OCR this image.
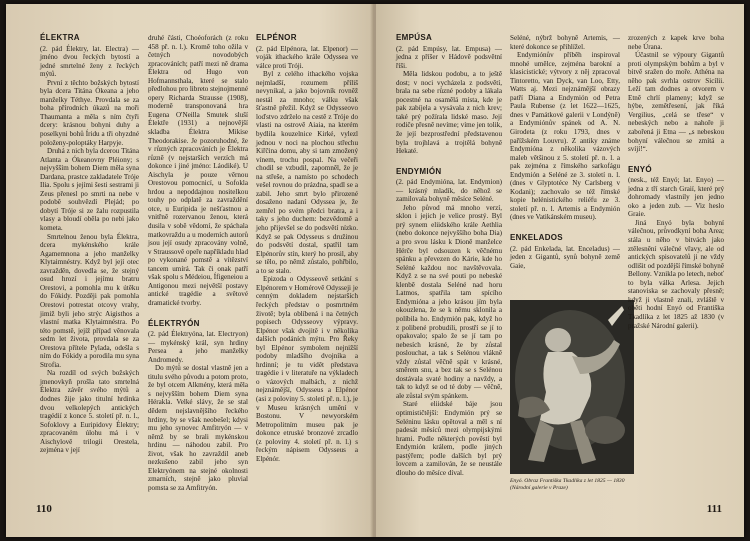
ÉLEKTRA

(2. pád Élektry, lat. Electra) — jméno dvou řeckých bytostí a jedné smrtelné ženy z řeckých mýtů.

První z těchto božských bytostí byla dcera Titána Ókeana a jeho manželky Téthye. Provdala se za boha přírodních úkazů na moři Thaumanta a měla s ním čtyři dcery: krásnou bohyni duhy a poselkyni bohů Íridu a tři ohyzdné položeny-poloptáky Harpyje.

Druhá z nich byla dcerou Titána Atlanta a Ókeanovny Pléiony; s nejvyšším bohem Diem měla syna Dardana, prastce zakladatele Tróje Ilia. Spolu s jejími šesti sestrami ji Zeus přenesl po smrti na nebe v podobě souhvězdí Plejád; po dobytí Tróje si ze žalu rozpustila vlasy a bloudí oběla po nebi jako kometa.

Smrtelnou ženou byla Élektra, dcera mykénského krále Agamemnona a jeho manželky Klytaimnéstry. Když byl její otec zavražděn, dovedla se, že stejný osud hrozí i jejímu bratru Orestovi, a pomohla mu k útěku do Fókidy. Později pak pomohla Orestovi potrestat otcovy vrahy, jimiž byli jeho strýc Aigisthos a vlastní matka Klytaimnéstra. Po této pomstě, jejíž případ věnovala sedm let života, provdala se za Orestova přítele Pylada, odešla s ním do Fókidy a porodila mu syna Strofia.

Na rozdíl od svých božských jmenovkyň prošla tato smrtelná Élektra závěr svého mýtů a dodnes žije jako titulní hrdinka dvou velkolepých antických tragédií z konce 5. století př. n. l., Sofoklovy a Euripidovy Élektry; zpracovaném úlohu má i v Aischylově trilogii Orestela, zejména v její

druhé části, Choéoforách (z roku 458 př. n. l.). Kromě toho ožila v četných novodobých zpracováních; patří mezi ně drama Élektra od Hugo von Hofmannsthala, které se stalo předlohou pro libreto stejnojmenné opery Richarda Strausse (1908), moderně transponovaná hra Eugena O'Neilla Smutek sluší Élektře (1931) a nejnovější skladba Élektra Mikise Theodorakise. Je pozoruhodné, že v různých zpracováních je Élektra různě (v nejstarších verzích má dokonce i jiné jméno: Láodiké). U Aischyla je pouze věrnou Orestovou pomocnicí, u Sofokla hrdou a nepoddajnou nositelkou touhy po odplatě za zavraždění otce, u Euripida je nešťastnou a vnitřně rozervanou ženou, která dusila v sobě vědomí, že spáchala matkovraždu a u moderních autorů jsou její osudy zpracovány volně, v Straussově opeře napříkladu hlad po vykonané pomstě a vítězství tancem umírá. Tak či onak patří však spolu s Médeiou, Ífigeneiou a Antigonou mezi největší postavy antické tragédie a světové dramatické tvorby.

ÉLEKTRYÓN

(2. pád Élektryóna, lat. Electryon) — mykénský král, syn hrdiny Persea a jeho manželky Andromedy.

Do mýtů se dostal vlastně jen a titulu svého původu a potom proto, že byl otcem Alkmény, která měla s nejvyšším bohem Diem syna Hérakla. Velké slávy, že se stal dědem nejslavnějšího řeckého hrdiny, by se však neobešel; kdysi mu jeho synovec Amfitryón — v němž by se brali mykénskou hrdinu — náhodou zabil. Pro život, však ho zavraždil aneb nezkušeno zabil jeho syn Elektryónem na stejné okolnosti zmarních, stejně jako pluvial pomsta se za Amfitryón.

ELPÉNOR

(2. pád Elpénora, lat. Elpenor) — voják ithackého krále Odyssea ve válce proti Tróji.

Byl z celého ithackého vojska nejmladší, rozumem příliš nevynikal, a jako bojovník rovněž nestál za mnoho; válku však šťastně přežil. Když se Odysseovo loďstvo zdrželo na cestě z Tróje do vlasti na ostrově Aiaia, na kterém bydlila kouzelnice Kirké, vylezl jednou v noci na plochou střechu Kiřčina domu, aby si tam zmožený vínem, trochu pospal. Na večeři chodil se vzbudil, zapomněl, že je na střeše, a namísto po schodech vešel rovnou do prázdna, spadl se a zabil. Jeho smrt bylo přirozené dosaženo nadaní Odyssea je, že zemřel po svém předci bratra, a i taky s jeho duchem: bezvědomě a jeho přijevšel se do podsvětí nízko. Když se pak Odysseus s družinou do podsvětí dostal, spatřil tam Elpénorův stín, který ho prosil, aby se tělo, po němž zůstalo, pohřbilo, a to se stalo.

Epizoda o Odysseově setkání s Elpénorem v Homérově Odysseji je cenným dokladem nejstarších řeckých představ o posmrtném životě; byla oblíbená i na četných popisech Odysseovy výpravy. Elpénor však dvojitě i v několika dalších podáních mýtu. Pro Řeky byl Elpénor symbolem nejnižší podoby mladšího dvojníka a hrdinní; je tu vidět představa tragédie i v literatuře na výkladech o vázových malbách, z nichž nejznámější, Odysseus a Elpénor (asi z poloviny 5. století př. n. l.), je v Museu krásných umění v Bostonu. V newyorském Metropolitním museu pak je dokonce etruské bronzové zrcadlo (z poloviny 4. století př. n. l.) s řeckým nápisem Odysseus a Elpénór.

110
EMPÚSA

(2. pád Empúsy, lat. Empusa) — jedna z příšer v Hádově podsvětní říši.

Měla lidskou podobu, a to ještě dost; v noci vycházela z podsvětí, brala na sebe různé podoby a lákala pocestné na osamělá místa, kde je pak zabíjela a vysávala z nich krev; také prý požírala lidské maso. Její rodiče přesně nevíme; víme jen tolik, že její bezprostřední představenou byla trojhlavá a trojtělá bohyně Hekaté.

ENDYMIÓN

(2. pád Endymióna, lat. Endymion) — krásný mladík, do něhož se zamilovala bohyně měsíce Seléné.

Jeho původ má mnoho verzí, sklon i jejich je velice prostý. Byl prý synem eliidského krále Aethlia (nebo dokonce nejvyššího boha Dia) a pro svou lásku k Dioně manželce Hérče byl odsouzen k věčnému spánku a převezen do Kárie, kde ho Seléné každou noc navštěvovala. Když z se na své pouti po nebeské klenbě dostala Seléné nad horu Latmos, spatřila tam spícího Endymióna a jeho krásou jím byla okouzlena, že se k němu sklonila a políbila ho. Endymión pak, když ho z polibené probudili, prostří se jí to opakovalo; spalo že se jí tam po nebesích krásné, že by zůstal poslouchat, a tak s Selénou vlákně vždy zůstal věčně spát v krásné, směrem snu, a bez tak se s Selénou dostávala svaté hodiny a navždy, a tak to když se od té doby — věčně, ale zůstal svým spánkem.

Staré eliidské báje jsou optimističtější: Endymión prý se Seléninu lásku opětoval a měl s ní padesát měsíců mezi olympijskými hrami. Podle některých pověstí byl Endymión králem, podle jiných pastýřem; podle dalších byl prý lovcem a zamilován, že se neustále dlouho do měsíce díval.

Seléné, nýbrž bohyně Artemis, — které dokonce se přihlížel.

Endymiónův příběh inspiroval mnohé umělce, zejména barokní a klasicistické; výtvory z něj zpracoval Tintoretto, van Dyck, van Loo, Etty, Watts aj. Mezi nejznámější obrazy patří Diana a Endymión od Petra Paula Rubense (z let 1622—1625, dnes v Památkové galerii v Londýně) a Endymiónův spánek od A. N. Girodeta (z roku 1793, dnes v pařížském Louvru). Z antiky známe Endymióna z několika vázových maleb většinou z 5. století př. n. l. a pak zejména z římského sarkofágu Endymión a Seléné ze 3. století n. l. (dnes v Glyptotéce Ny Carlsberg v Kodani); zachovalo se též římské kopie helénistického reliéfu ze 3. století př. n. l. Artemis a Endymión (dnes ve Vatikánském museu).

ENKELADOS

(2. pád Enkelada, lat. Enceladus) — jeden z Gigantů, synů bohyně země Gaie,

Enyó. Obraz Františka Tkadlíka z let 1825 — 1830 (Národní galerie v Praze)

zrozených z kapek krve boha nebe Úrana.

Účastnil se výpoury Gigantů proti olympským bohům a byl v bitvě sražen do moře. Athéna na něho pak svrhla ostrov Sicílii. Leží tam dodnes a otvorem v Etně chrlí plameny; když se hýbe, zemětřesení, jak říká Vergilius, „celá se třese“ v nebeských nebo a nahoře ji zabořená ji Etna — „s nebeskou bohyní válečnou se zmítá a svíjí!“.

ENYÓ

(nesk., též Enyó; lat. Enyo) — jedna z tří starch Graií, které prý dohromady vlastnily jen jedno oko a jeden zub. — Viz heslo Graie.

Jiná Enyó byla bohyní válečnou, průvodkyní boha Area; stála u něho v bitvách jako ztělesnění válečné vřavy, ale od antických spisovatelů ji ne vždy odlišit od pozdější římské bohyně Bellony. Vznikla po letech, neboť to byla válka Arlesa. Jejich stanoviska se zachovaly přesně; když ji vlastně znali, zvláště v oběti hodní Enyó od Františka Tkadlíka z let 1825 až 1830 (v pražské Národní galerii).

111
